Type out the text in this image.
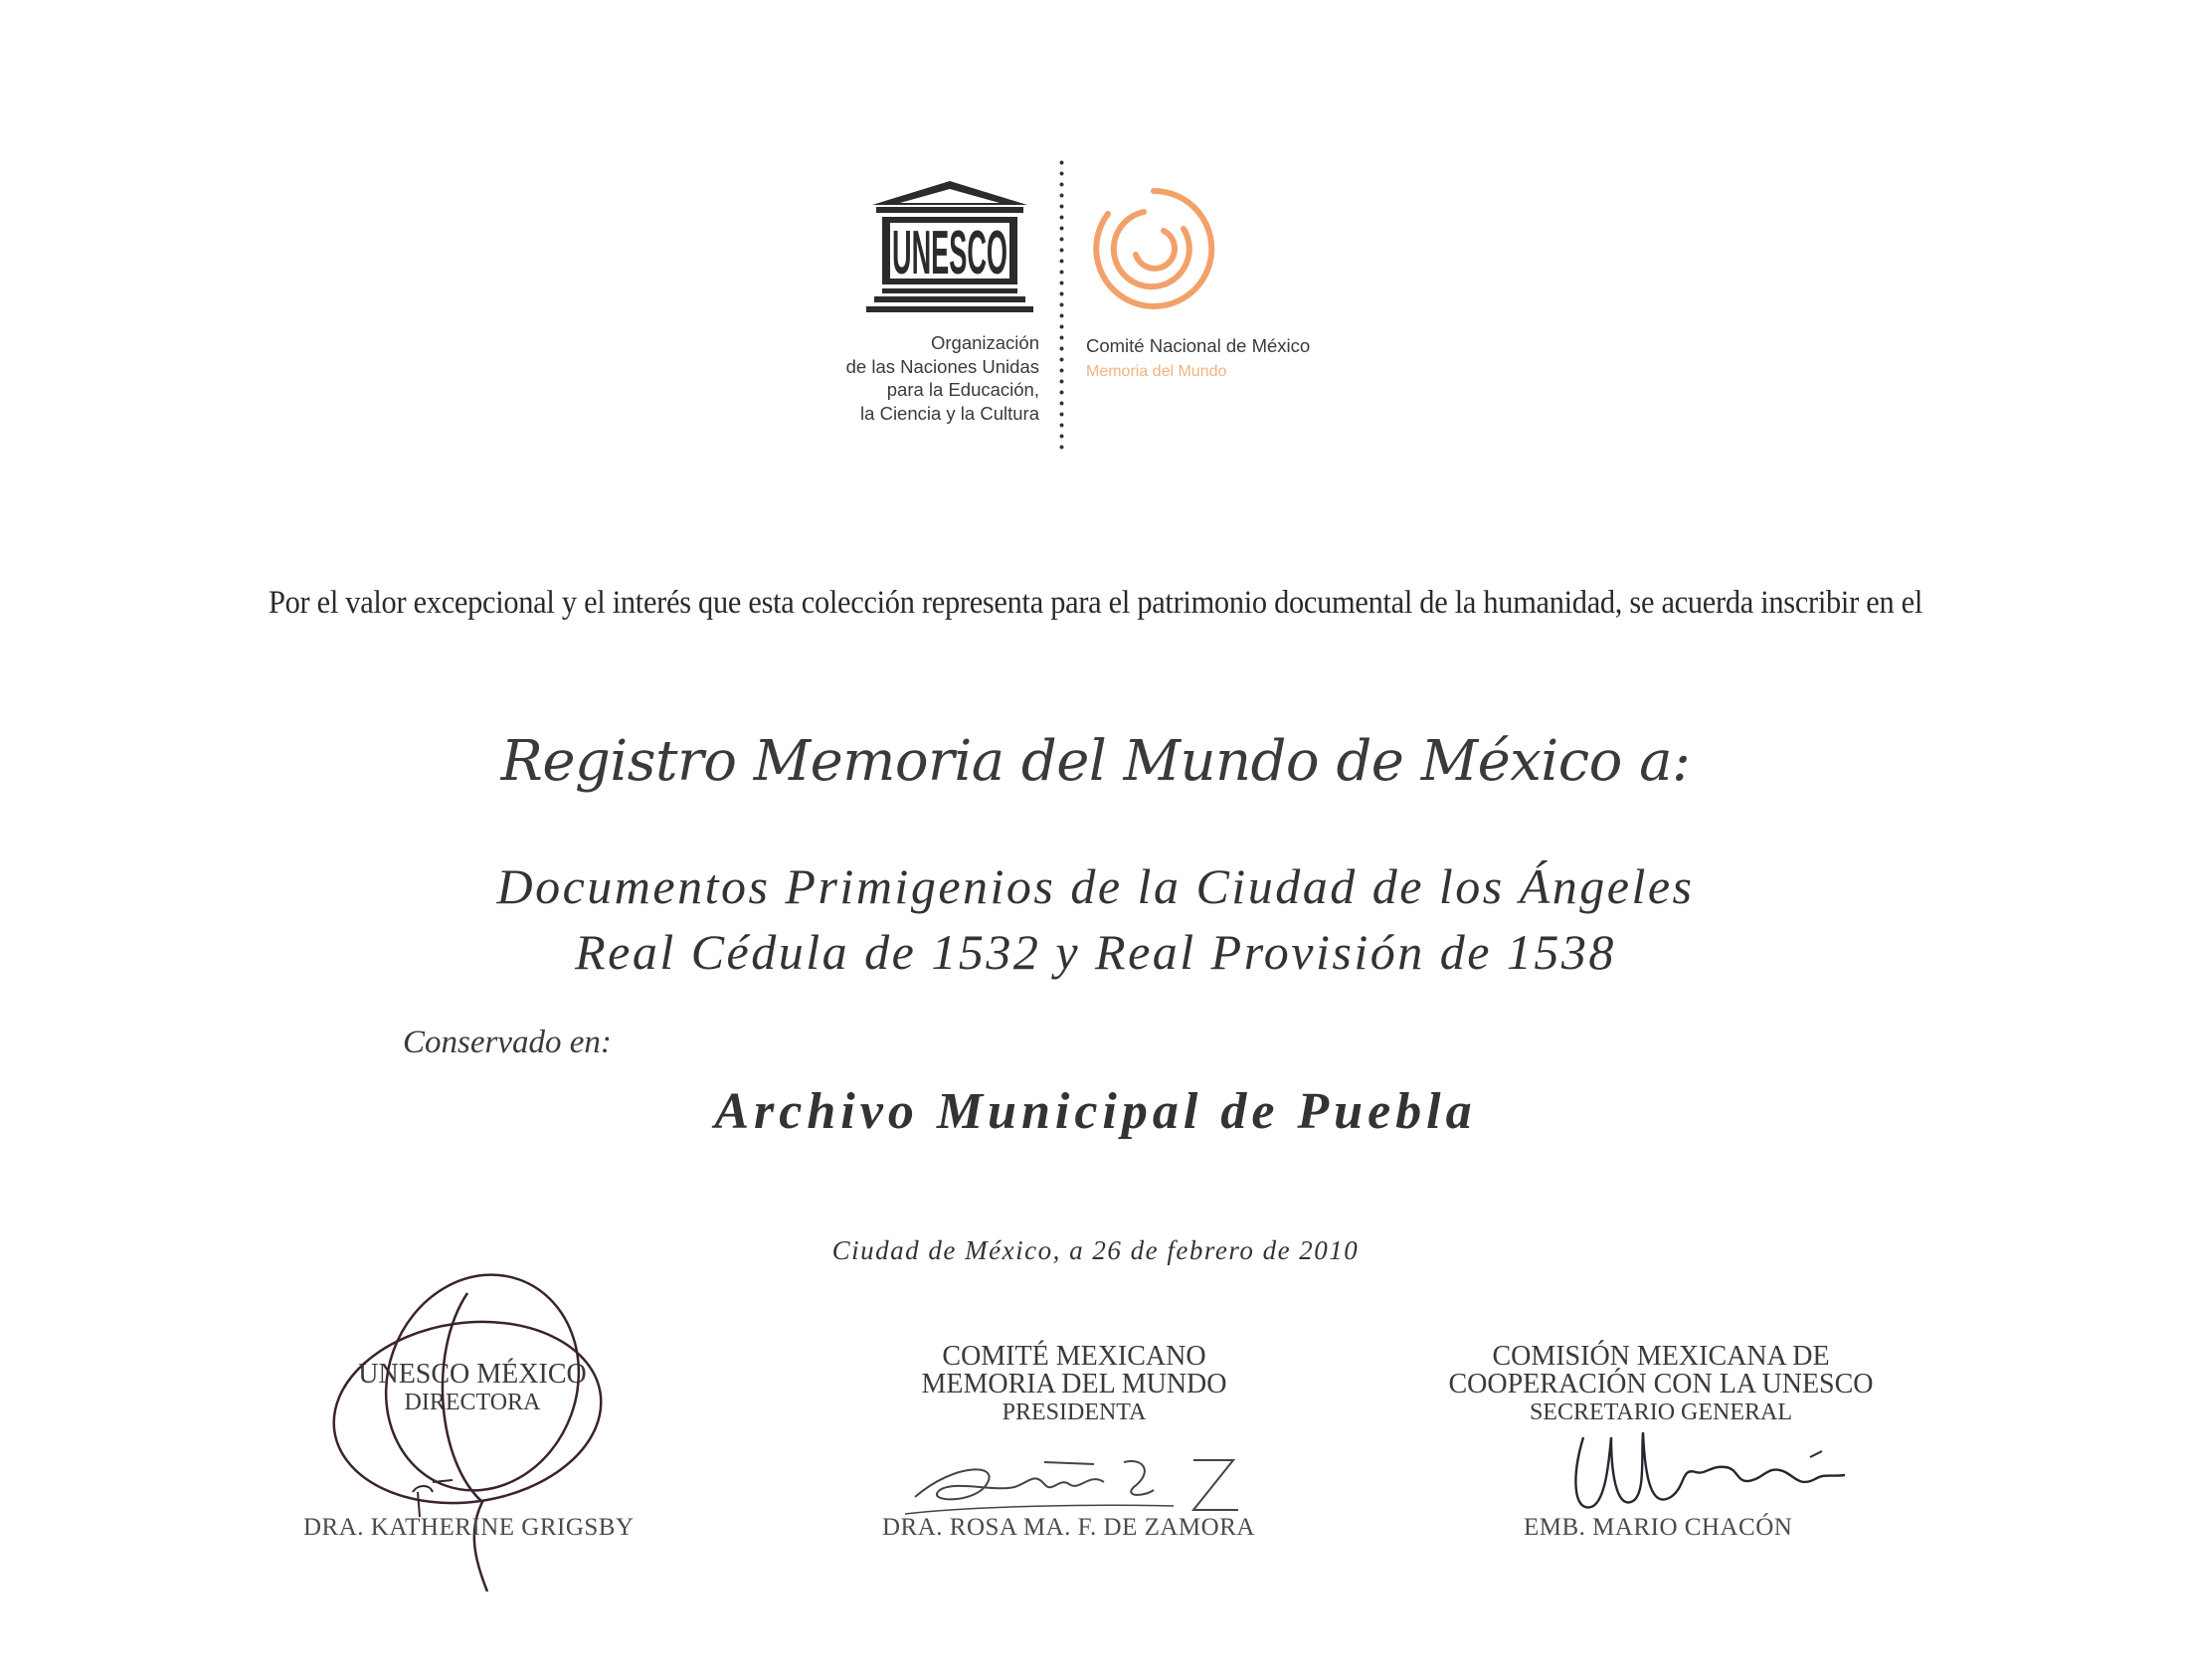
UNESCO
Organización
de las Naciones Unidas
para la Educación,
la Ciencia y la Cultura
Comité Nacional de México
Memoria del Mundo
Por el valor excepcional y el interés que esta colección representa para el patrimonio documental de la humanidad, se acuerda inscribir en el
Registro Memoria del Mundo de México a:
Documentos Primigenios de la Ciudad de los Ángeles
Real Cédula de 1532 y Real Provisión de 1538
Conservado en:
Archivo Municipal de Puebla
Ciudad de México, a 26 de febrero de 2010
UNESCO MÉXICO
DIRECTORA
DRA. KATHERINE GRIGSBY
COMITÉ MEXICANO
MEMORIA DEL MUNDO
PRESIDENTA
DRA. ROSA MA. F. DE ZAMORA
COMISIÓN MEXICANA DE
COOPERACIÓN CON LA UNESCO
SECRETARIO GENERAL
EMB. MARIO CHACÓN
